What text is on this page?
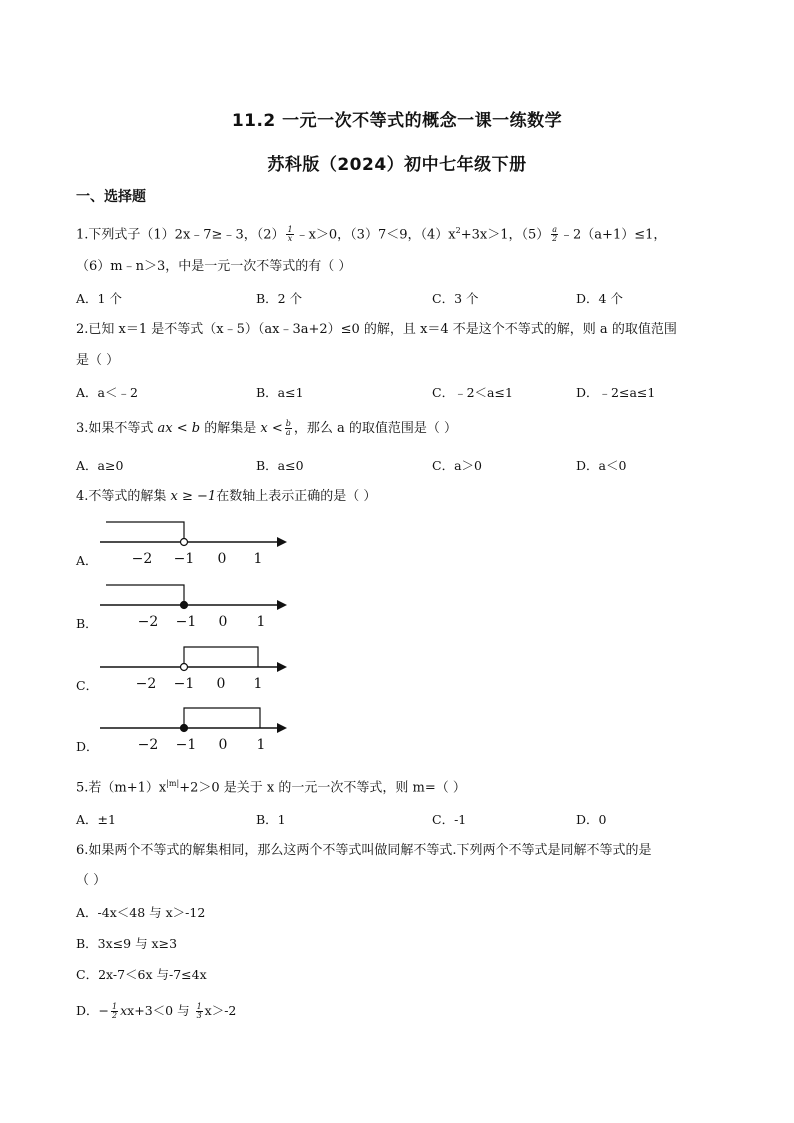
11.2 一元一次不等式的概念一课一练数学
苏科版（2024）初中七年级下册
一、选择题
1.下列式子（1）2x﹣7≥﹣3，$(2) \frac{1}{x}$ ﹣x＞0，（3）7＜9，$(4)x^2+3x>1$，$(5) \frac{a}{2}$ ﹣2（a+1）≤1，
（6）m﹣n＞3，中是一元一次不等式的有（ ）
A．1 个	B．2 个	C．3 个	D．4 个
2.已知 x＝1 是不等式（x﹣5）（ax﹣3a+2）≤0 的解，且 x＝4 不是这个不等式的解，则 a 的取值范围
是（ ）
A．a＜﹣2	B．a≤1	C．﹣2＜a≤1	D．﹣2≤a≤1
3.如果不等式 ax < b 的解集是 $x < \frac{b}{a}$ ，那么 a 的取值范围是（ ）
A．a≥0	B．a≤0	C．a＞0	D．a＜0
4.不等式的解集 x ≥ −1在数轴上表示正确的是（ ）
A． −2 −1 0 1
B．	−2 −1 0 1
C．	−2 −1 0 1
D．	−2 −1 0 1
5.若$(m+1)x^{|m|}+2>0$ 是关于 x 的一元一次不等式，则 m=（ ）
A．±1	B．1	C．-1	D．0
6.如果两个不等式的解集相同，那么这两个不等式叫做同解不等式.下列两个不等式是同解不等式的是
（ ）
A．-4x＜48 与 x＞-12
B．3x≤9 与 x≥3
C．2x-7＜6x 与-7≤4x
D．− $\frac{1}{2} xx+3<0$ 与 $\frac{1}{3} x>-2$
